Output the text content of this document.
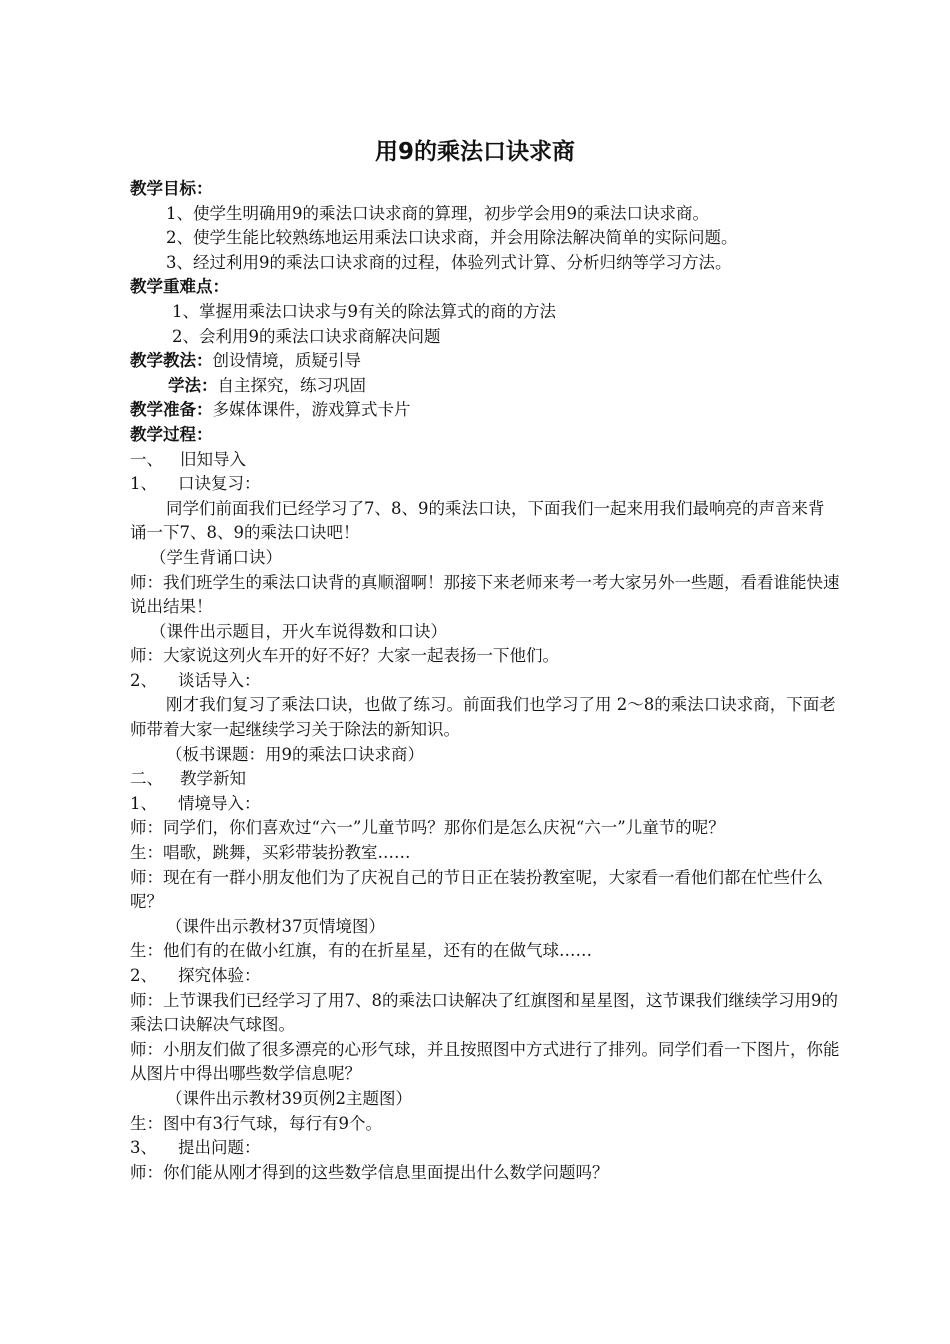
用9的乘法口诀求商
教学目标：
1、使学生明确用9的乘法口诀求商的算理，初步学会用9的乘法口诀求商。
2、使学生能比较熟练地运用乘法口诀求商，并会用除法解决简单的实际问题。
3、经过利用9的乘法口诀求商的过程，体验列式计算、分析归纳等学习方法。
教学重难点：
1、掌握用乘法口诀求与9有关的除法算式的商的方法
2、会利用9的乘法口诀求商解决问题
教学教法：创设情境，质疑引导
学法：自主探究，练习巩固
教学准备：多媒体课件，游戏算式卡片
教学过程：
一、 旧知导入
1、 口诀复习：

同学们前面我们已经学习了7、8、9的乘法口诀，下面我们一起来用我们最响亮的声音来背诵一下7、8、9的乘法口诀吧！

（学生背诵口诀）

师：我们班学生的乘法口诀背的真顺溜啊！那接下来老师来考一考大家另外一些题，看看谁能快速说出结果！

（课件出示题目，开火车说得数和口诀）

师：大家说这列火车开的好不好？大家一起表扬一下他们。

2、 谈话导入：

刚才我们复习了乘法口诀，也做了练习。前面我们也学习了用 2～8的乘法口诀求商，下面老师带着大家一起继续学习关于除法的新知识。

（板书课题：用9的乘法口诀求商）
二、 教学新知
1、 情境导入：

师：同学们，你们喜欢过“六一”儿童节吗？那你们是怎么庆祝“六一”儿童节的呢？

生：唱歌，跳舞，买彩带装扮教室……

师：现在有一群小朋友他们为了庆祝自己的节日正在装扮教室呢，大家看一看他们都在忙些什么呢？

（课件出示教材37页情境图）

生：他们有的在做小红旗，有的在折星星，还有的在做气球……

2、 探究体验：

师：上节课我们已经学习了用7、8的乘法口诀解决了红旗图和星星图，这节课我们继续学习用9的乘法口诀解决气球图。

师：小朋友们做了很多漂亮的心形气球，并且按照图中方式进行了排列。同学们看一下图片，你能从图片中得出哪些数学信息呢？

（课件出示教材39页例2主题图）

生：图中有3行气球，每行有9个。

3、 提出问题：

师：你们能从刚才得到的这些数学信息里面提出什么数学问题吗？
